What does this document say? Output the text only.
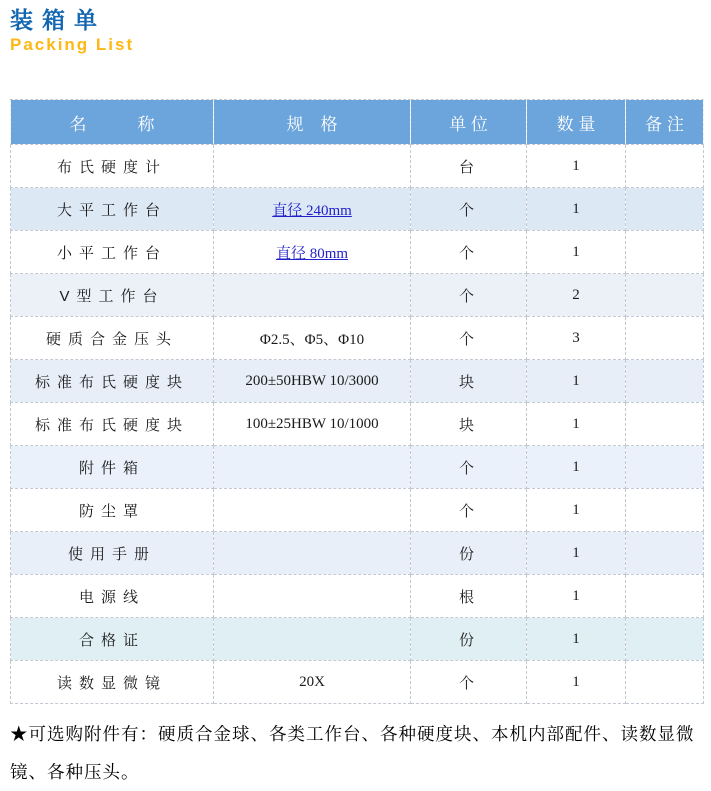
装箱单
Packing List
名　　　称	规　格	单 位	数 量	备 注
布氏硬度计		台	1	
大平工作台	直径 240mm	个	1	
小平工作台	直径 80mm	个	1	
V型工作台		个	2	
硬质合金压头	Φ2.5、Φ5、Φ10	个	3	
标准布氏硬度块	200±50HBW 10/3000	块	1	
标准布氏硬度块	100±25HBW 10/1000	块	1	
附件箱		个	1	
防尘罩		个	1	
使用手册		份	1	
电源线		根	1	
合格证		份	1	
读数显微镜	20X	个	1	
★可选购附件有：硬质合金球、各类工作台、各种硬度块、本机内部配件、读数显微镜、各种压头。
